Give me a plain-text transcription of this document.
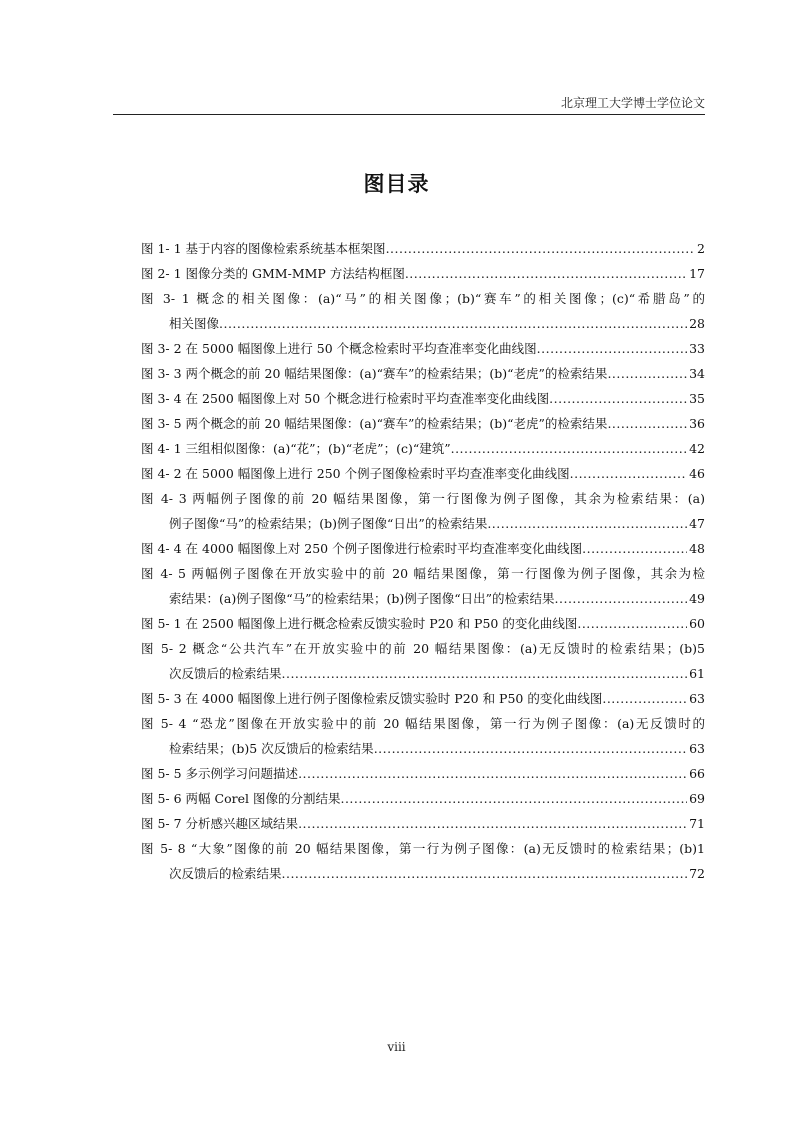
北京理工大学博士学位论文
图目录
图 1- 1 基于内容的图像检索系统基本框架图 .....	2
图 2- 1 图像分类的 GMM-MMP 方法结构框图 .....	17
图 3- 1 概念的相关图像：(a)“马”的相关图像；(b)“赛车”的相关图像；(c)“希腊岛”的
相关图像 .....	28
图 3- 2 在 5000 幅图像上进行 50 个概念检索时平均查准率变化曲线图 .....	33
图 3- 3 两个概念的前 20 幅结果图像：(a)“赛车”的检索结果；(b)“老虎”的检索结果 .....	34
图 3- 4 在 2500 幅图像上对 50 个概念进行检索时平均查准率变化曲线图 .....	35
图 3- 5 两个概念的前 20 幅结果图像：(a)“赛车”的检索结果；(b)“老虎”的检索结果 .....	36
图 4- 1 三组相似图像：(a)“花”；(b)“老虎”；(c)“建筑” .....	42
图 4- 2 在 5000 幅图像上进行 250 个例子图像检索时平均查准率变化曲线图 .....	46
图 4- 3 两幅例子图像的前 20 幅结果图像，第一行图像为例子图像，其余为检索结果：(a)
例子图像“马”的检索结果；(b)例子图像“日出”的检索结果 .....	47
图 4- 4 在 4000 幅图像上对 250 个例子图像进行检索时平均查准率变化曲线图 .....	48
图 4- 5 两幅例子图像在开放实验中的前 20 幅结果图像，第一行图像为例子图像，其余为检
索结果：(a)例子图像“马”的检索结果；(b)例子图像“日出”的检索结果 .....	49
图 5- 1 在 2500 幅图像上进行概念检索反馈实验时 P20 和 P50 的变化曲线图 .....	60
图 5- 2 概念“公共汽车”在开放实验中的前 20 幅结果图像：(a)无反馈时的检索结果；(b)5
次反馈后的检索结果 .....	61
图 5- 3 在 4000 幅图像上进行例子图像检索反馈实验时 P20 和 P50 的变化曲线图 .....	63
图 5- 4 “恐龙”图像在开放实验中的前 20 幅结果图像，第一行为例子图像：(a)无反馈时的
检索结果；(b)5 次反馈后的检索结果 .....	63
图 5- 5 多示例学习问题描述 .....	66
图 5- 6 两幅 Corel 图像的分割结果 .....	69
图 5- 7 分析感兴趣区域结果 .....	71
图 5- 8 “大象”图像的前 20 幅结果图像，第一行为例子图像：(a)无反馈时的检索结果；(b)1
次反馈后的检索结果 .....	72
viii
